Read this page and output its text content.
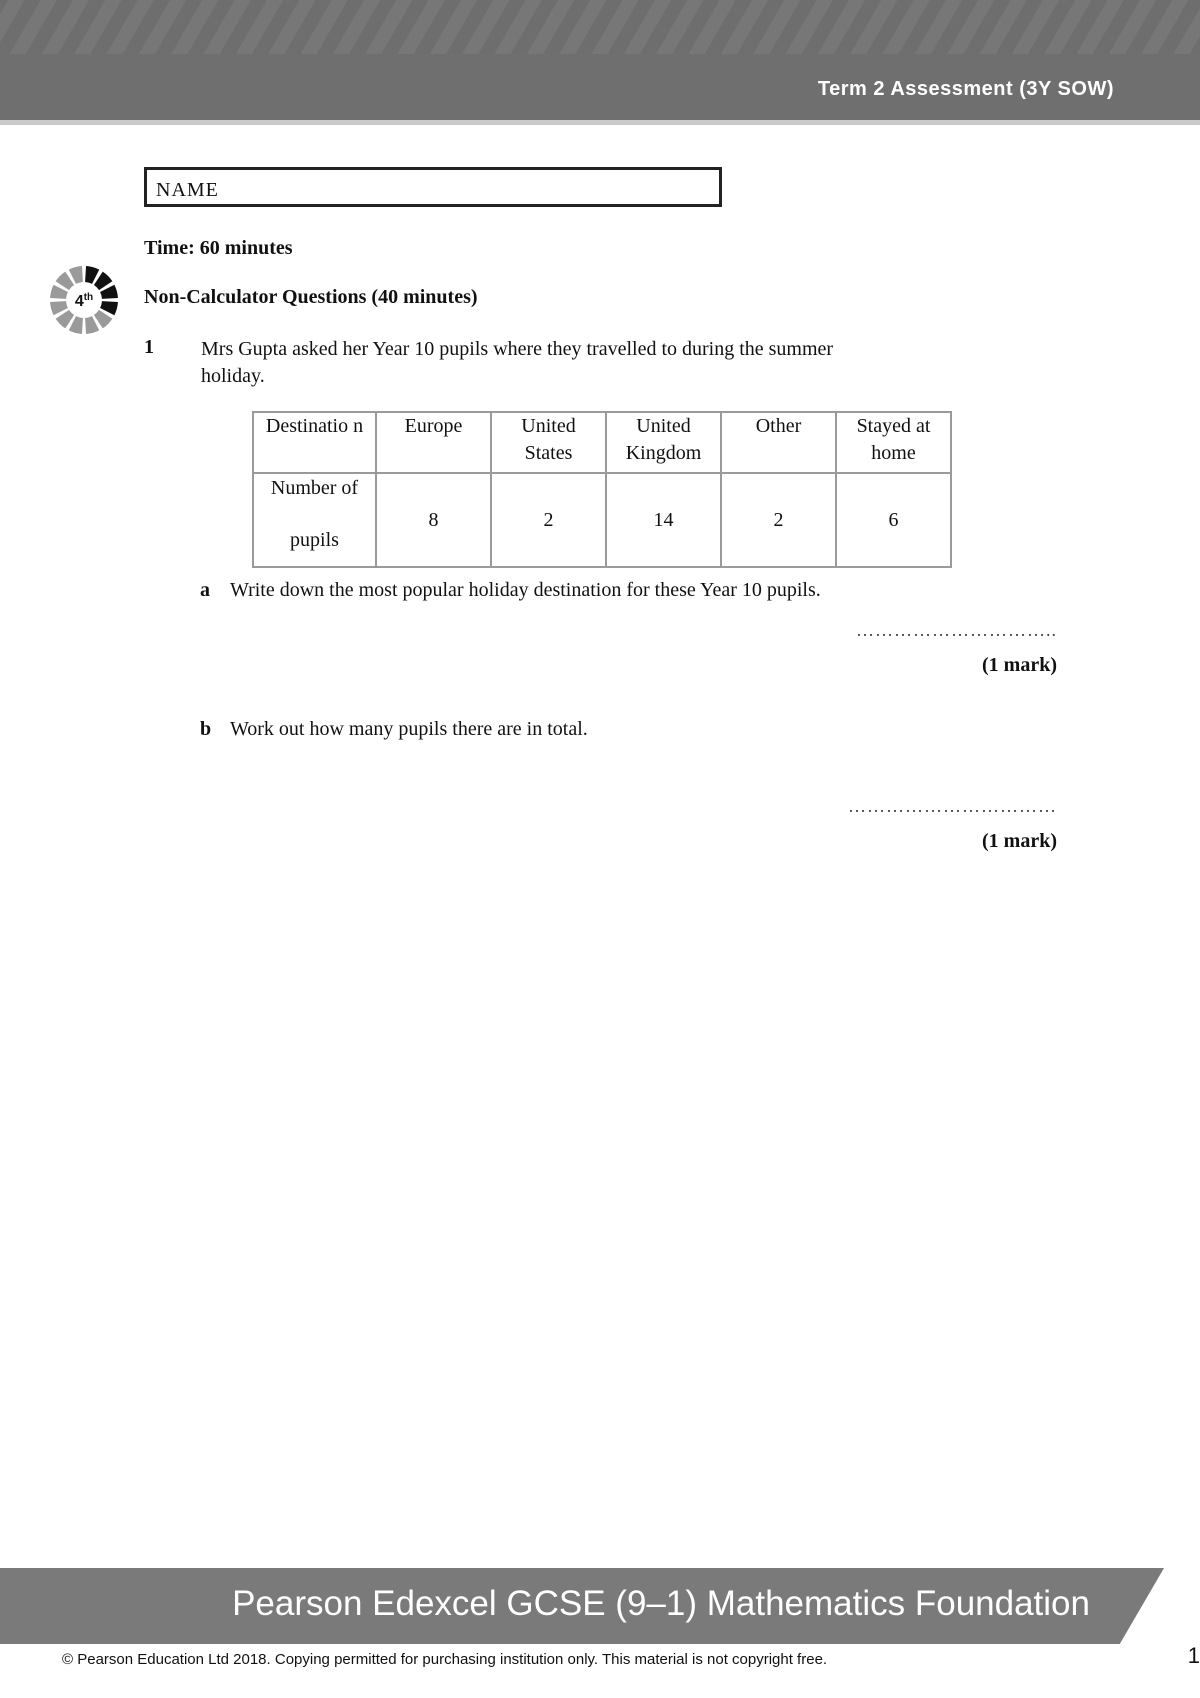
Term 2 Assessment (3Y SOW)
NAME
Time: 60 minutes
4th	Non-Calculator Questions (40 minutes)
1 Mrs Gupta asked her Year 10 pupils where they travelled to during the summer holiday.
Destinatio n	Europe	United States	United Kingdom	Other	Stayed at home

Number of pupils	8	2	14	2	6
a Write down the most popular holiday destination for these Year 10 pupils.
…………………………..
(1 mark)
b Work out how many pupils there are in total.
……………………………
(1 mark)
Pearson Edexcel GCSE (9–1) Mathematics Foundation
© Pearson Education Ltd 2018. Copying permitted for purchasing institution only. This material is not copyright free.	1
